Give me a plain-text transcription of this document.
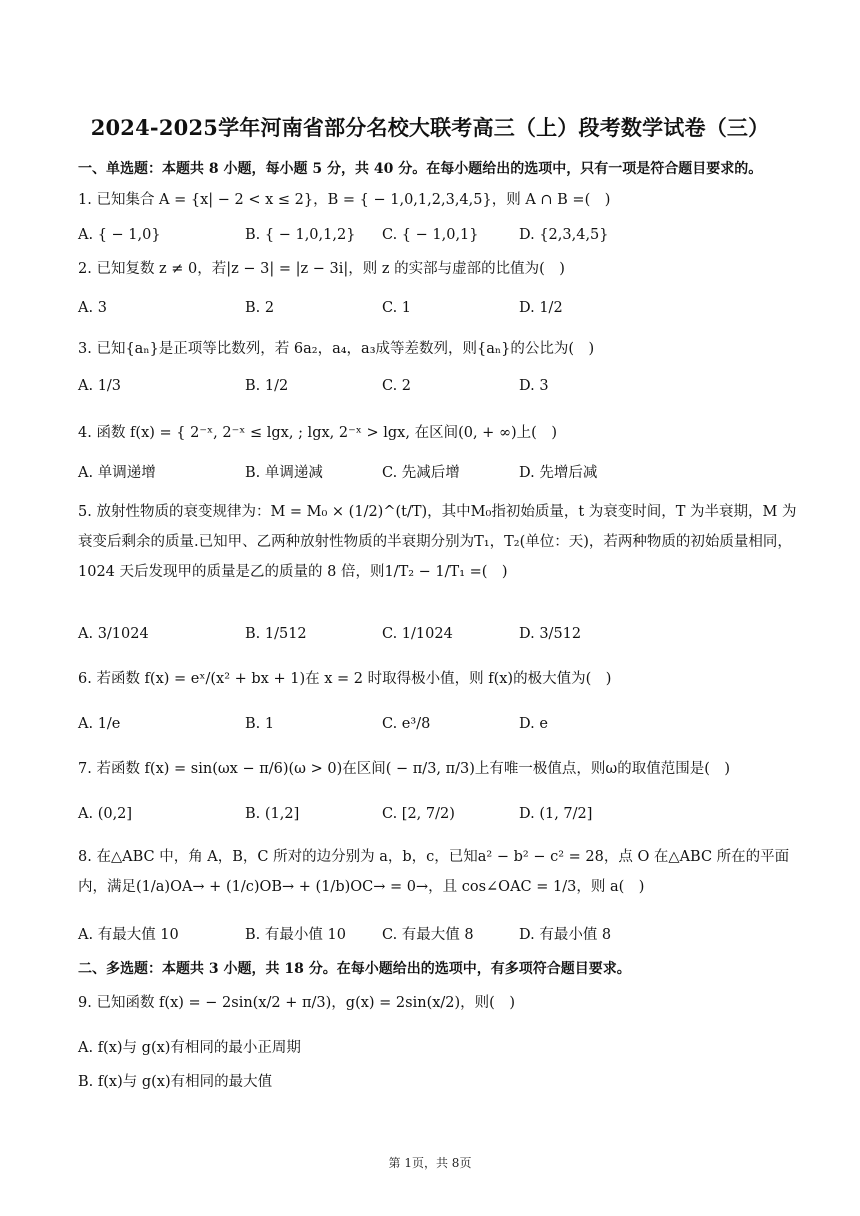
2024-2025学年河南省部分名校大联考高三（上）段考数学试卷（三）
一、单选题：本题共 8 小题，每小题 5 分，共 40 分。在每小题给出的选项中，只有一项是符合题目要求的。
1. 已知集合 A = {x| − 2 < x ≤ 2}，B = { − 1,0,1,2,3,4,5}，则 A ∩ B =(　)
A. { − 1,0}	B. { − 1,0,1,2} C. { − 1,0,1}	D. {2,3,4,5}
2. 已知复数 z ≠ 0，若|z − 3| = |z − 3i|，则 z 的实部与虚部的比值为(　)
A. 3	B. 2	C. 1	D. 1/2
3. 已知{aₙ}是正项等比数列，若 6a₂，a₄，a₃成等差数列，则{aₙ}的公比为(　)
A. 1/3	B. 1/2	C. 2	D. 3
4. 函数 f(x) = { 2⁻ˣ, 2⁻ˣ ≤ lgx, ; lgx, 2⁻ˣ > lgx, 在区间(0, + ∞)上(　)
A. 单调递增	B. 单调递减	C. 先减后增	D. 先增后减
5. 放射性物质的衰变规律为：M = M₀ × (1/2)^(t/T)，其中M₀指初始质量，t 为衰变时间，T 为半衰期，M 为衰变后剩余的质量.已知甲、乙两种放射性物质的半衰期分别为T₁，T₂(单位：天)，若两种物质的初始质量相同，1024 天后发现甲的质量是乙的质量的 8 倍，则1/T₂ − 1/T₁ =(　)
A. 3/1024	B. 1/512	C. 1/1024	D. 3/512
6. 若函数 f(x) = eˣ/(x² + bx + 1)在 x = 2 时取得极小值，则 f(x)的极大值为(　)
A. 1/e	B. 1	C. e³/8	D. e
7. 若函数 f(x) = sin(ωx − π/6)(ω > 0)在区间( − π/3, π/3)上有唯一极值点，则ω的取值范围是(　)
A. (0,2]	B. (1,2]	C. [2, 7/2)	D. (1, 7/2]
8. 在△ABC 中，角 A，B，C 所对的边分别为 a，b，c，已知a² − b² − c² = 28，点 O 在△ABC 所在的平面内，满足(1/a)OA→ + (1/c)OB→ + (1/b)OC→ = 0→，且 cos∠OAC = 1/3，则 a(　)
A. 有最大值 10	B. 有最小值 10 C. 有最大值 8	D. 有最小值 8
二、多选题：本题共 3 小题，共 18 分。在每小题给出的选项中，有多项符合题目要求。
9. 已知函数 f(x) = − 2sin(x/2 + π/3)，g(x) = 2sin(x/2)，则(　)
A. f(x)与 g(x)有相同的最小正周期
B. f(x)与 g(x)有相同的最大值
第 1页，共 8页
